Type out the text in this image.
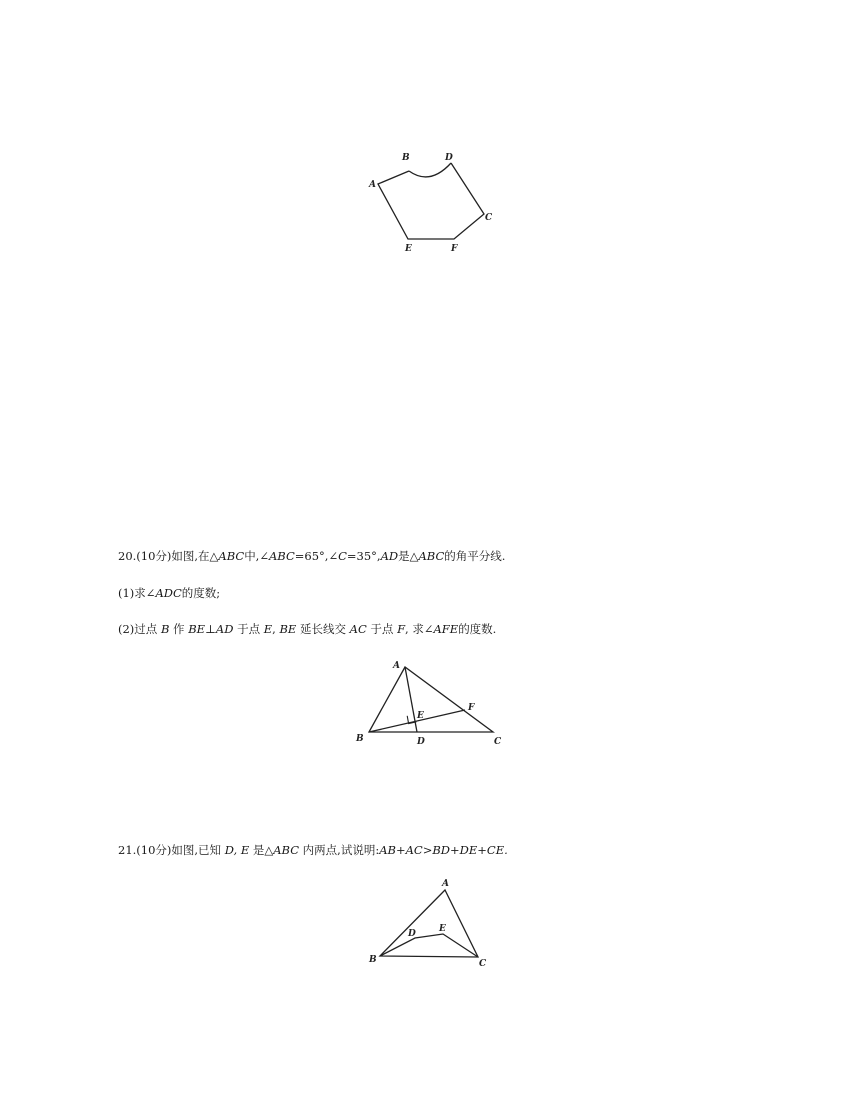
A
B	D
C
E	F
20.(10分)如图,在△ABC中,∠ABC=65°,∠C=35°,AD是△ABC的角平分线.
(1)求∠ADC的度数;
(2)过点 B 作 BE⊥AD 于点 E, BE 延长线交 AC 于点 F, 求∠AFE的度数.
A
B	C
D
E
F
21.(10分)如图,已知 D, E 是△ABC 内两点,试说明:AB+AC>BD+DE+CE.
A
B	C
D	E
